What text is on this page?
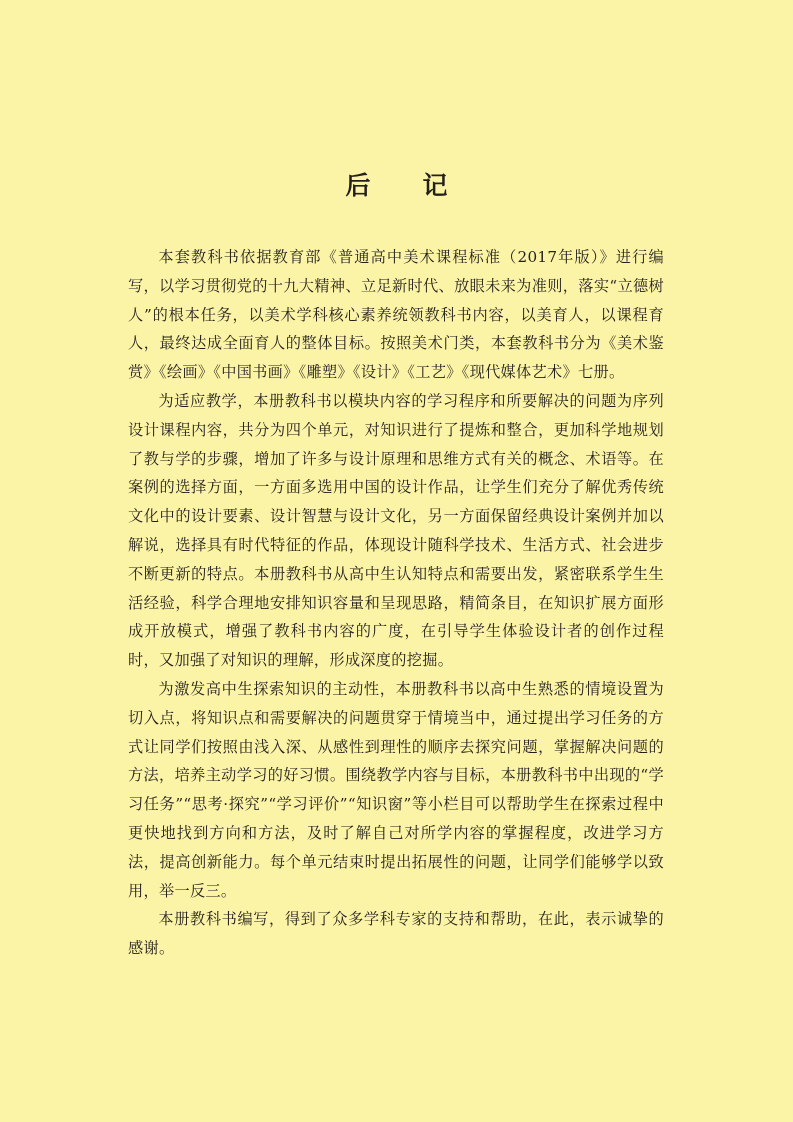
后 记

本套教科书依据教育部《普通高中美术课程标准（2017年版）》进行编写，以学习贯彻党的十九大精神、立足新时代、放眼未来为准则，落实“立德树人”的根本任务，以美术学科核心素养统领教科书内容，以美育人，以课程育人，最终达成全面育人的整体目标。按照美术门类，本套教科书分为《美术鉴赏》《绘画》《中国书画》《雕塑》《设计》《工艺》《现代媒体艺术》七册。

为适应教学，本册教科书以模块内容的学习程序和所要解决的问题为序列设计课程内容，共分为四个单元，对知识进行了提炼和整合，更加科学地规划了教与学的步骤，增加了许多与设计原理和思维方式有关的概念、术语等。在案例的选择方面，一方面多选用中国的设计作品，让学生们充分了解优秀传统文化中的设计要素、设计智慧与设计文化，另一方面保留经典设计案例并加以解说，选择具有时代特征的作品，体现设计随科学技术、生活方式、社会进步不断更新的特点。本册教科书从高中生认知特点和需要出发，紧密联系学生生活经验，科学合理地安排知识容量和呈现思路，精简条目，在知识扩展方面形成开放模式，增强了教科书内容的广度，在引导学生体验设计者的创作过程时，又加强了对知识的理解，形成深度的挖掘。

为激发高中生探索知识的主动性，本册教科书以高中生熟悉的情境设置为切入点，将知识点和需要解决的问题贯穿于情境当中，通过提出学习任务的方式让同学们按照由浅入深、从感性到理性的顺序去探究问题，掌握解决问题的方法，培养主动学习的好习惯。围绕教学内容与目标，本册教科书中出现的“学习任务”“思考·探究”“学习评价”“知识窗”等小栏目可以帮助学生在探索过程中更快地找到方向和方法，及时了解自己对所学内容的掌握程度，改进学习方法，提高创新能力。每个单元结束时提出拓展性的问题，让同学们能够学以致用，举一反三。

本册教科书编写，得到了众多学科专家的支持和帮助，在此，表示诚挚的感谢。
